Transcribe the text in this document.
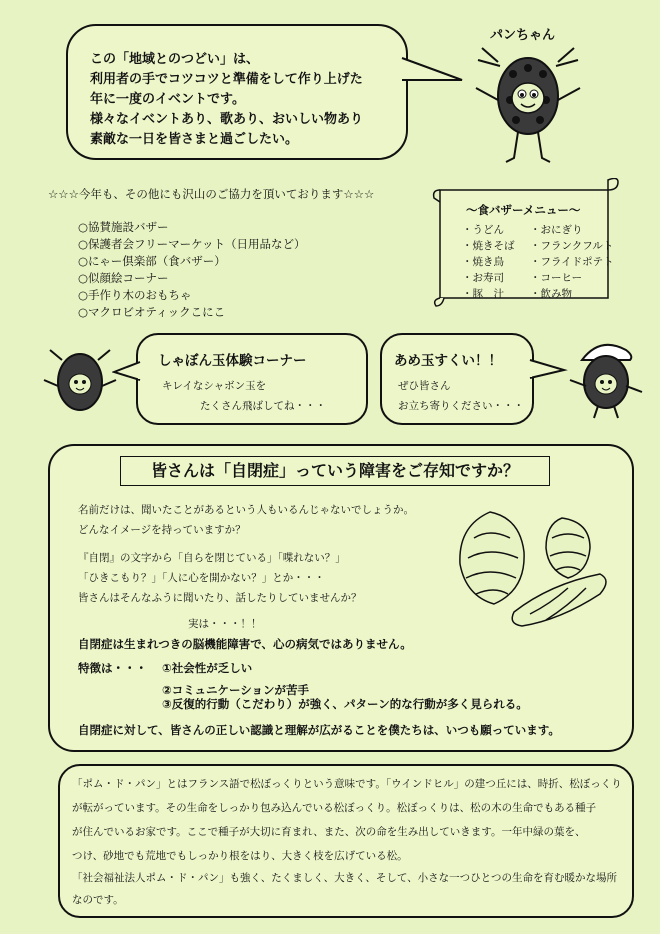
この「地域とのつどい」は、
利用者の手でコツコツと準備をして作り上げた
年に一度のイベントです。
様々なイベントあり、歌あり、おいしい物あり
素敵な一日を皆さまと過ごしたい。
パンちゃん
☆☆☆今年も、その他にも沢山のご協力を頂いております☆☆☆
○協賛施設バザー
○保護者会フリーマーケット（日用品など）
○にゃー倶楽部（食バザー）
○似顔絵コーナー
○手作り木のおもちゃ
○マクロビオティックこにこ
～食バザーメニュー～
・うどん
・焼きそば
・焼き鳥
・お寿司
・豚　汁
・おにぎり
・フランクフルト
・フライドポテト
・コーヒー
・飲み物
しゃぼん玉体験コーナー
キレイなシャボン玉を
たくさん飛ばしてね・・・
あめ玉すくい！！
ぜひ皆さん
お立ち寄りください・・・
皆さんは「自閉症」っていう障害をご存知ですか？
名前だけは、聞いたことがあるという人もいるんじゃないでしょうか。
どんなイメージを持っていますか？
『自閉』の文字から「自らを閉じている」「喋れない？」
「ひきこもり？」「人に心を開かない？」とか・・・
皆さんはそんなふうに聞いたり、話したりしていませんか？
実は・・・！！
自閉症は生まれつきの脳機能障害で、心の病気ではありません。
特徴は・・・ ①社会性が乏しい
②コミュニケーションが苦手
③反復的行動（こだわり）が強く、パターン的な行動が多く見られる。
自閉症に対して、皆さんの正しい認識と理解が広がることを僕たちは、いつも願っています。
「ポム・ド・パン」とはフランス語で松ぼっくりという意味です。「ウインドヒル」の建つ丘には、時折、松ぼっくり
が転がっています。その生命をしっかり包み込んでいる松ぼっくり。松ぼっくりは、松の木の生命でもある種子
が住んでいるお家です。ここで種子が大切に育まれ、また、次の命を生み出していきます。一年中緑の葉を、
つけ、砂地でも荒地でもしっかり根をはり、大きく枝を広げている松。
「社会福祉法人ポム・ド・パン」も強く、たくましく、大きく、そして、小さな一つひとつの生命を育む暖かな場所
なのです。
